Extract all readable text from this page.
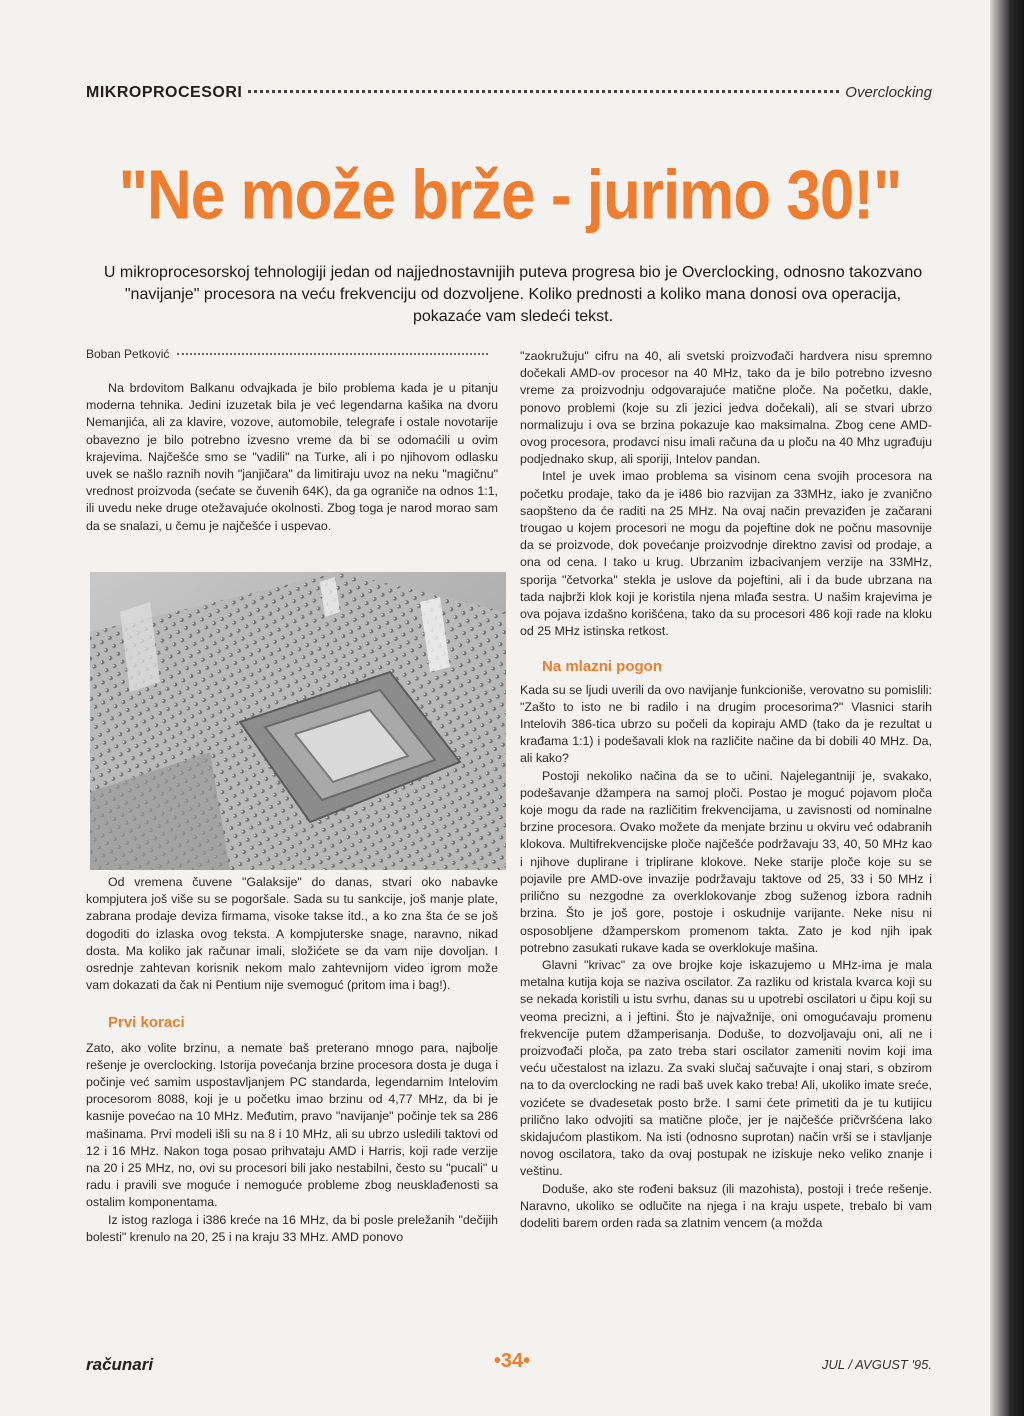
MIKROPROCESORI	Overclocking
"Ne može brže - jurimo 30!"
U mikroprocesorskoj tehnologiji jedan od najjednostavnijih puteva progresa bio je Overclocking, odnosno takozvano "navijanje" procesora na veću frekvenciju od dozvoljene. Koliko prednosti a koliko mana donosi ova operacija, pokazaće vam sledeći tekst.
Boban Petković

Na brdovitom Balkanu odvajkada je bilo problema kada je u pitanju moderna tehnika. Jedini izuzetak bila je već legendarna kašika na dvoru Nemanjića, ali za klavire, vozove, automobile, telegrafe i ostale novotarije obavezno je bilo potrebno izvesno vreme da bi se odomaćili u ovim krajevima. Najčešće smo se "vadili" na Turke, ali i po njihovom odlasku uvek se našlo raznih novih "janjičara" da limitiraju uvoz na neku "magičnu" vrednost proizvoda (sećate se čuvenih 64K), da ga ograniče na odnos 1:1, ili uvedu neke druge otežavajuće okolnosti. Zbog toga je narod morao sam da se snalazi, u čemu je najčešće i uspevao.

Od vremena čuvene "Galaksije" do danas, stvari oko nabavke kompjutera još više su se pogoršale. Sada su tu sankcije, još manje plate, zabrana prodaje deviza firmama, visoke takse itd., a ko zna šta će se još dogoditi do izlaska ovog teksta. A kompjuterske snage, naravno, nikad dosta. Ma koliko jak računar imali, složićete se da vam nije dovoljan. I osrednje zahtevan korisnik nekom malo zahtevnijom video igrom može vam dokazati da čak ni Pentium nije svemoguć (pritom ima i bag!).

Prvi koraci

Zato, ako volite brzinu, a nemate baš preterano mnogo para, najbolje rešenje je overclocking. Istorija povećanja brzine procesora dosta je duga i počinje već samim uspostavljanjem PC standarda, legendarnim Intelovim procesorom 8088, koji je u početku imao brzinu od 4,77 MHz, da bi je kasnije povećao na 10 MHz. Međutim, pravo "navijanje" počinje tek sa 286 mašinama. Prvi modeli išli su na 8 i 10 MHz, ali su ubrzo usledili taktovi od 12 i 16 MHz. Nakon toga posao prihvataju AMD i Harris, koji rade verzije na 20 i 25 MHz, no, ovi su procesori bili jako nestabilni, često su "pucali" u radu i pravili sve moguće i nemoguće probleme zbog neusklađenosti sa ostalim komponentama.

Iz istog razloga i i386 kreće na 16 MHz, da bi posle preležanih "dečijih bolesti" krenulo na 20, 25 i na kraju 33 MHz. AMD ponovo

"zaokružuju" cifru na 40, ali svetski proizvođači hardvera nisu spremno dočekali AMD-ov procesor na 40 MHz, tako da je bilo potrebno izvesno vreme za proizvodnju odgovarajuće matične ploče. Na početku, dakle, ponovo problemi (koje su zli jezici jedva dočekali), ali se stvari ubrzo normalizuju i ova se brzina pokazuje kao maksimalna. Zbog cene AMD-ovog procesora, prodavci nisu imali računa da u ploču na 40 Mhz ugrađuju podjednako skup, ali sporiji, Intelov pandan.

Intel je uvek imao problema sa visinom cena svojih procesora na početku prodaje, tako da je i486 bio razvijan za 33MHz, iako je zvanično saopšteno da će raditi na 25 MHz. Na ovaj način prevaziđen je začarani trougao u kojem procesori ne mogu da pojeftine dok ne počnu masovnije da se proizvode, dok povećanje proizvodnje direktno zavisi od prodaje, a ona od cena. I tako u krug. Ubrzanim izbacivanjem verzije na 33MHz, sporija "četvorka" stekla je uslove da pojeftini, ali i da bude ubrzana na tada najbrži klok koji je koristila njena mlađa sestra. U našim krajevima je ova pojava izdašno korišćena, tako da su procesori 486 koji rade na kloku od 25 MHz istinska retkost.

Na mlazni pogon

Kada su se ljudi uverili da ovo navijanje funkcioniše, verovatno su pomislili: "Zašto to isto ne bi radilo i na drugim procesorima?" Vlasnici starih Intelovih 386-tica ubrzo su počeli da kopiraju AMD (tako da je rezultat u krađama 1:1) i podešavali klok na različite načine da bi dobili 40 MHz. Da, ali kako?

Postoji nekoliko načina da se to učini. Najelegantniji je, svakako, podešavanje džampera na samoj ploči. Postao je moguć pojavom ploča koje mogu da rade na različitim frekvencijama, u zavisnosti od nominalne brzine procesora. Ovako možete da menjate brzinu u okviru već odabranih klokova. Multifrekvencijske ploče najčešće podržavaju 33, 40, 50 MHz kao i njihove duplirane i triplirane klokove. Neke starije ploče koje su se pojavile pre AMD-ove invazije podržavaju taktove od 25, 33 i 50 MHz i prilično su nezgodne za overklokovanje zbog suženog izbora radnih brzina. Što je još gore, postoje i oskudnije varijante. Neke nisu ni osposobljene džamperskom promenom takta. Zato je kod njih ipak potrebno zasukati rukave kada se overklokuje mašina.

Glavni "krivac" za ove brojke koje iskazujemo u MHz-ima je mala metalna kutija koja se naziva oscilator. Za razliku od kristala kvarca koji su se nekada koristili u istu svrhu, danas su u upotrebi oscilatori u čipu koji su veoma precizni, a i jeftini. Što je najvažnije, oni omogućavaju promenu frekvencije putem džamperisanja. Doduše, to dozvoljavaju oni, ali ne i proizvođači ploča, pa zato treba stari oscilator zameniti novim koji ima veću učestalost na izlazu. Za svaki slučaj sačuvajte i onaj stari, s obzirom na to da overclocking ne radi baš uvek kako treba! Ali, ukoliko imate sreće, vozićete se dvadesetak posto brže. I sami ćete primetiti da je tu kutijicu prilično lako odvojiti sa matične ploče, jer je najčešće pričvršćena lako skidajućom plastikom. Na isti (odnosno suprotan) način vrši se i stavljanje novog oscilatora, tako da ovaj postupak ne iziskuje neko veliko znanje i veštinu.

Doduše, ako ste rođeni baksuz (ili mazohista), postoji i treće rešenje. Naravno, ukoliko se odlučite na njega i na kraju uspete, trebalo bi vam dodeliti barem orden rada sa zlatnim vencem (a možda

računari	•34•	JUL / AVGUST '95.
